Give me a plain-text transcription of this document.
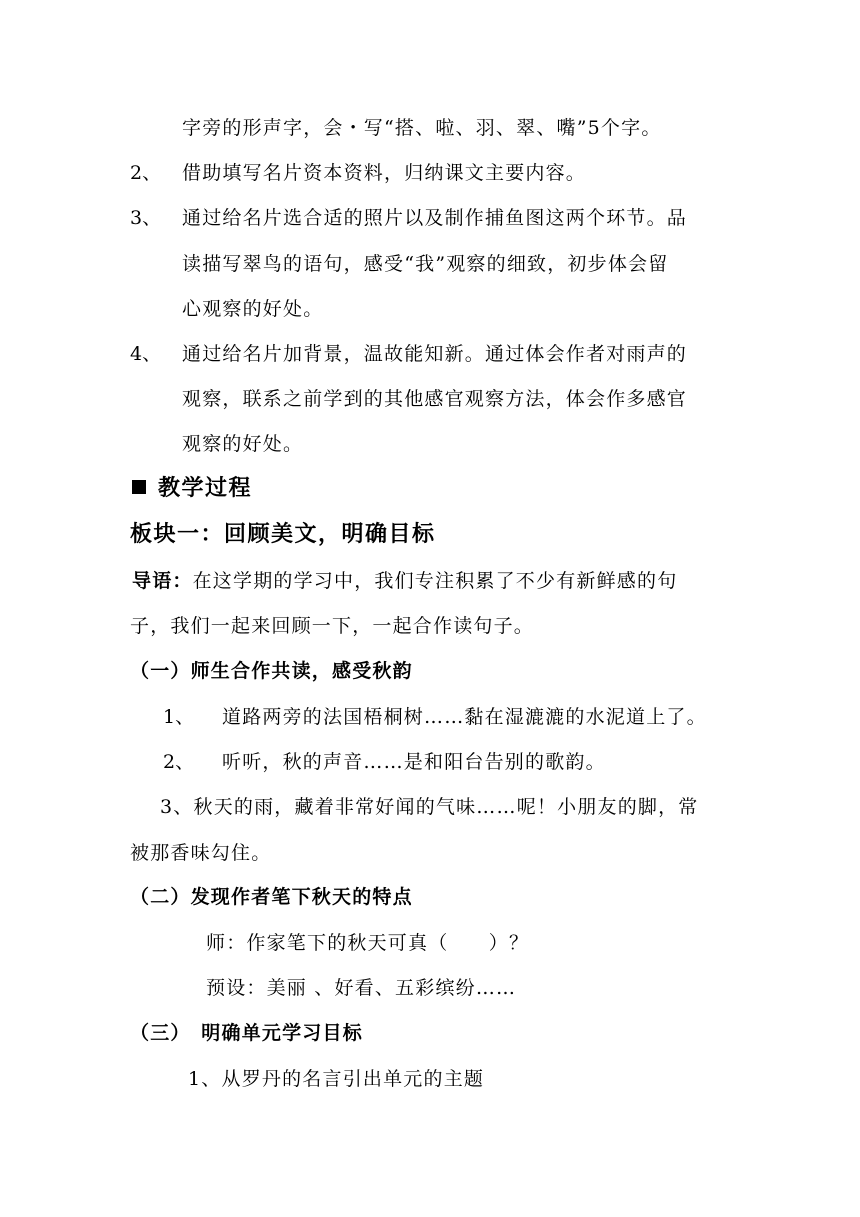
字旁的形声字，会・写“搭、啦、羽、翠、嘴”5个字。
2、 借助填写名片资本资料，归纳课文主要内容。
3、 通过给名片选合适的照片以及制作捕鱼图这两个环节。品
读描写翠鸟的语句，感受“我”观察的细致，初步体会留
心观察的好处。
4、 通过给名片加背景，温故能知新。通过体会作者对雨声的
观察，联系之前学到的其他感官观察方法，体会作多感官
观察的好处。
教学过程
板块一：回顾美文，明确目标
导语：在这学期的学习中，我们专注积累了不少有新鲜感的句
子，我们一起来回顾一下，一起合作读句子。
（一）师生合作共读，感受秋韵
1、 道路两旁的法国梧桐树……黏在湿漉漉的水泥道上了。
2、 听听，秋的声音……是和阳台告别的歌韵。
3、秋天的雨，藏着非常好闻的气味……呢！小朋友的脚，常
被那香味勾住。
（二）发现作者笔下秋天的特点
师：作家笔下的秋天可真（　　）？
预设：美丽 、好看、五彩缤纷……
（三）　明确单元学习目标
1、从罗丹的名言引出单元的主题
